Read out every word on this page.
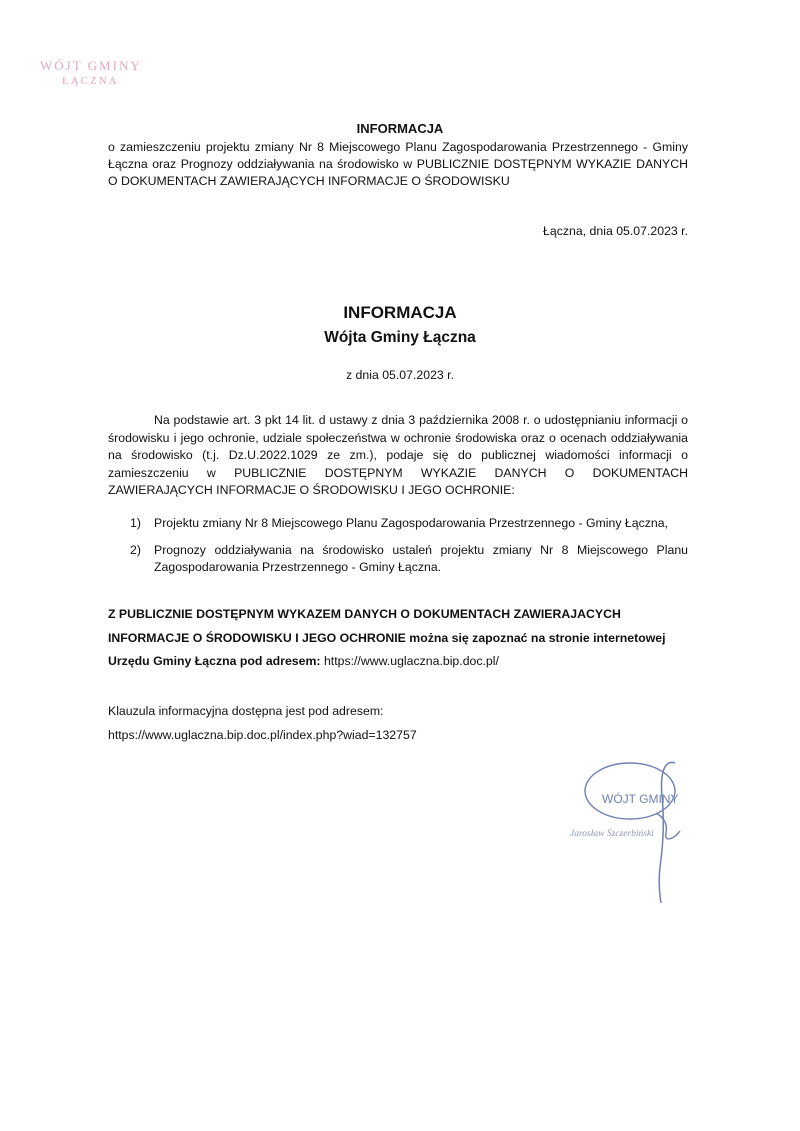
WÓJT GMINY
ŁĄCZNA
INFORMACJA
o zamieszczeniu projektu zmiany Nr 8 Miejscowego Planu Zagospodarowania Przestrzennego - Gminy Łączna oraz Prognozy oddziaływania na środowisko w PUBLICZNIE DOSTĘPNYM WYKAZIE DANYCH O DOKUMENTACH ZAWIERAJĄCYCH INFORMACJE O ŚRODOWISKU
Łączna, dnia 05.07.2023 r.
INFORMACJA
Wójta Gminy Łączna
z dnia 05.07.2023 r.
Na podstawie art. 3 pkt 14 lit. d ustawy z dnia 3 października 2008 r. o udostępnianiu informacji o środowisku i jego ochronie, udziale społeczeństwa w ochronie środowiska oraz o ocenach oddziaływania na środowisko (t.j. Dz.U.2022.1029 ze zm.), podaje się do publicznej wiadomości informacji o zamieszczeniu w PUBLICZNIE DOSTĘPNYM WYKAZIE DANYCH O DOKUMENTACH ZAWIERAJĄCYCH INFORMACJE O ŚRODOWISKU I JEGO OCHRONIE:
1) Projektu zmiany Nr 8 Miejscowego Planu Zagospodarowania Przestrzennego - Gminy Łączna,
2) Prognozy oddziaływania na środowisko ustaleń projektu zmiany Nr 8 Miejscowego Planu Zagospodarowania Przestrzennego - Gminy Łączna.
Z PUBLICZNIE DOSTĘPNYM WYKAZEM DANYCH O DOKUMENTACH ZAWIERAJACYCH INFORMACJE O ŚRODOWISKU I JEGO OCHRONIE można się zapoznać na stronie internetowej Urzędu Gminy Łączna pod adresem: https://www.uglaczna.bip.doc.pl/
Klauzula informacyjna dostępna jest pod adresem:
https://www.uglaczna.bip.doc.pl/index.php?wiad=132757
WÓJT GMINY
Jarosław Szczerbiński
